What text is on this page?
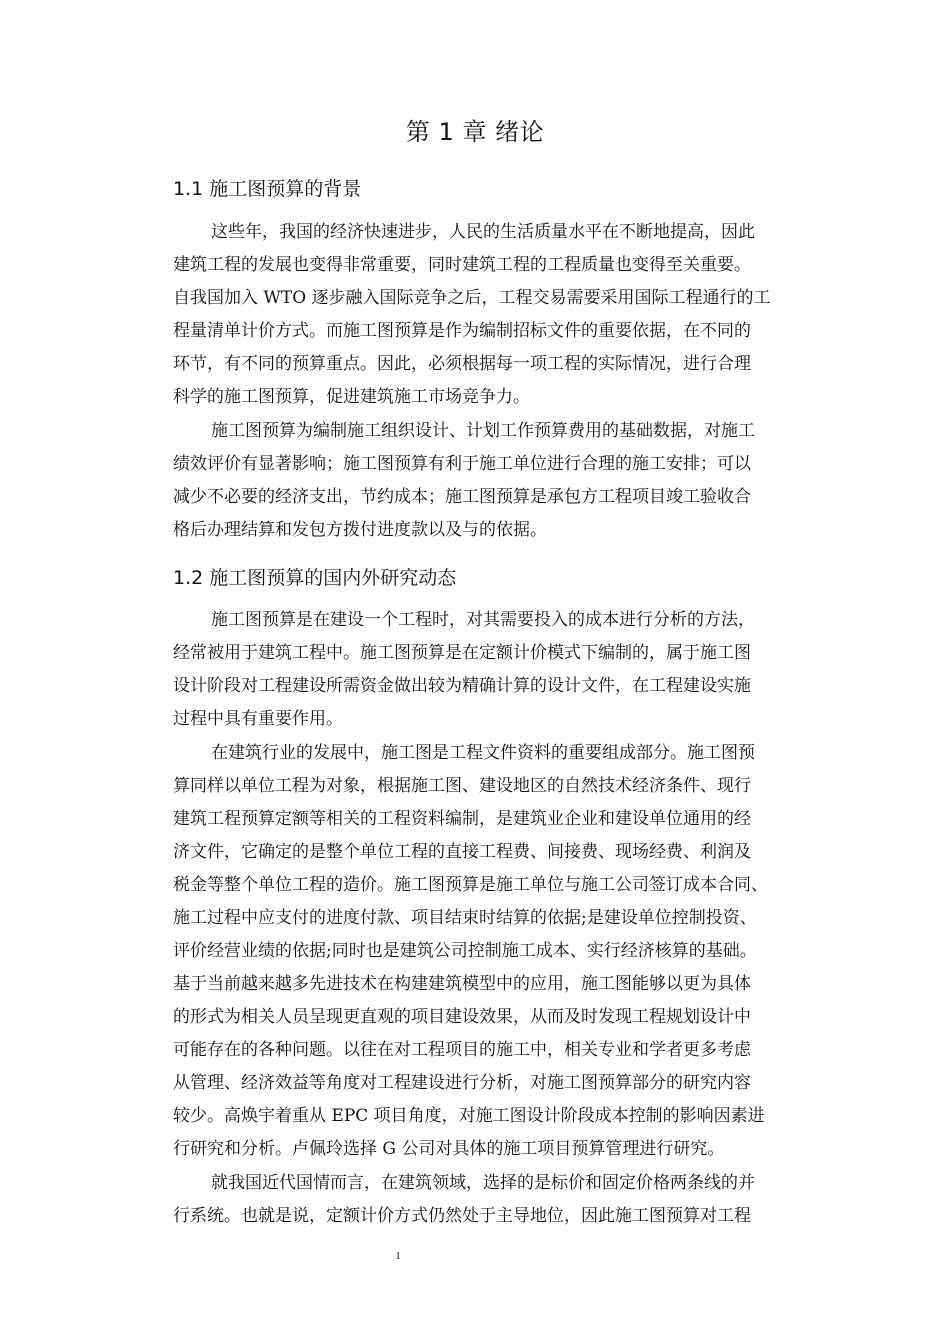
第 1 章 绪论
1.1 施工图预算的背景
这些年，我国的经济快速进步，人民的生活质量水平在不断地提高，因此
建筑工程的发展也变得非常重要，同时建筑工程的工程质量也变得至关重要。
自我国加入 WTO 逐步融入国际竞争之后，工程交易需要采用国际工程通行的工
程量清单计价方式。而施工图预算是作为编制招标文件的重要依据，在不同的
环节，有不同的预算重点。因此，必须根据每一项工程的实际情况，进行合理
科学的施工图预算，促进建筑施工市场竞争力。
施工图预算为编制施工组织设计、计划工作预算费用的基础数据，对施工
绩效评价有显著影响；施工图预算有利于施工单位进行合理的施工安排；可以
减少不必要的经济支出，节约成本；施工图预算是承包方工程项目竣工验收合
格后办理结算和发包方拨付进度款以及与的依据。
1.2 施工图预算的国内外研究动态
施工图预算是在建设一个工程时，对其需要投入的成本进行分析的方法，
经常被用于建筑工程中。施工图预算是在定额计价模式下编制的，属于施工图
设计阶段对工程建设所需资金做出较为精确计算的设计文件，在工程建设实施
过程中具有重要作用。
在建筑行业的发展中，施工图是工程文件资料的重要组成部分。施工图预
算同样以单位工程为对象，根据施工图、建设地区的自然技术经济条件、现行
建筑工程预算定额等相关的工程资料编制，是建筑业企业和建设单位通用的经
济文件，它确定的是整个单位工程的直接工程费、间接费、现场经费、利润及
税金等整个单位工程的造价。施工图预算是施工单位与施工公司签订成本合同、
施工过程中应支付的进度付款、项目结束时结算的依据;是建设单位控制投资、
评价经营业绩的依据;同时也是建筑公司控制施工成本、实行经济核算的基础。
基于当前越来越多先进技术在构建建筑模型中的应用，施工图能够以更为具体
的形式为相关人员呈现更直观的项目建设效果，从而及时发现工程规划设计中
可能存在的各种问题。以往在对工程项目的施工中，相关专业和学者更多考虑
从管理、经济效益等角度对工程建设进行分析，对施工图预算部分的研究内容
较少。高焕宇着重从 EPC 项目角度，对施工图设计阶段成本控制的影响因素进
行研究和分析。卢佩玲选择 G 公司对具体的施工项目预算管理进行研究。
就我国近代国情而言，在建筑领域，选择的是标价和固定价格两条线的并
行系统。也就是说，定额计价方式仍然处于主导地位，因此施工图预算对工程
1
